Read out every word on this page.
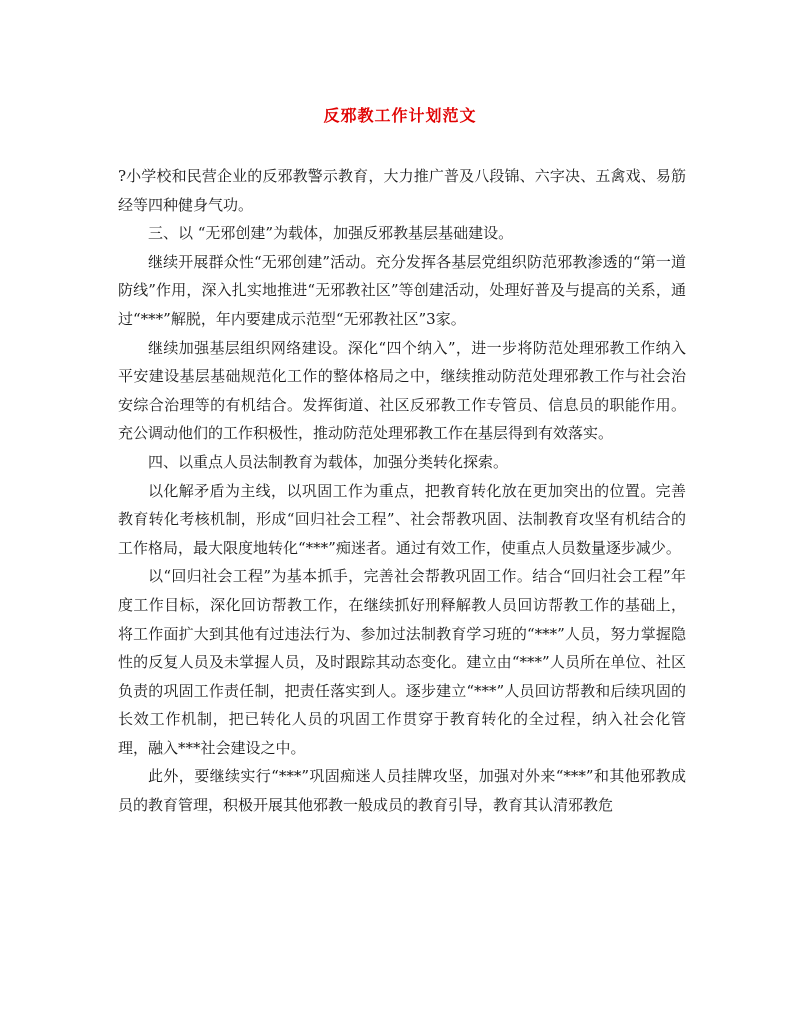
反邪教工作计划范文

?小学校和民营企业的反邪教警示教育，大力推广普及八段锦、六字决、五禽戏、易筋经等四种健身气功。

三、以 “无邪创建”为载体，加强反邪教基层基础建设。

继续开展群众性“无邪创建”活动。充分发挥各基层党组织防范邪教渗透的“第一道防线”作用，深入扎实地推进“无邪教社区”等创建活动，处理好普及与提高的关系，通过“***”解脱，年内要建成示范型“无邪教社区”3家。

继续加强基层组织网络建设。深化“四个纳入”，进一步将防范处理邪教工作纳入平安建设基层基础规范化工作的整体格局之中，继续推动防范处理邪教工作与社会治安综合治理等的有机结合。发挥街道、社区反邪教工作专管员、信息员的职能作用。充公调动他们的工作积极性，推动防范处理邪教工作在基层得到有效落实。

四、以重点人员法制教育为载体，加强分类转化探索。

以化解矛盾为主线，以巩固工作为重点，把教育转化放在更加突出的位置。完善教育转化考核机制，形成“回归社会工程”、社会帮教巩固、法制教育攻坚有机结合的工作格局，最大限度地转化“***”痴迷者。通过有效工作，使重点人员数量逐步减少。

以“回归社会工程”为基本抓手，完善社会帮教巩固工作。结合“回归社会工程”年度工作目标，深化回访帮教工作，在继续抓好刑释解教人员回访帮教工作的基础上，将工作面扩大到其他有过违法行为、参加过法制教育学习班的“***”人员，努力掌握隐性的反复人员及未掌握人员，及时跟踪其动态变化。建立由“***”人员所在单位、社区负责的巩固工作责任制，把责任落实到人。逐步建立“***”人员回访帮教和后续巩固的长效工作机制，把已转化人员的巩固工作贯穿于教育转化的全过程，纳入社会化管理，融入***社会建设之中。

此外，要继续实行“***”巩固痴迷人员挂牌攻坚，加强对外来“***”和其他邪教成员的教育管理，积极开展其他邪教一般成员的教育引导，教育其认清邪教危
